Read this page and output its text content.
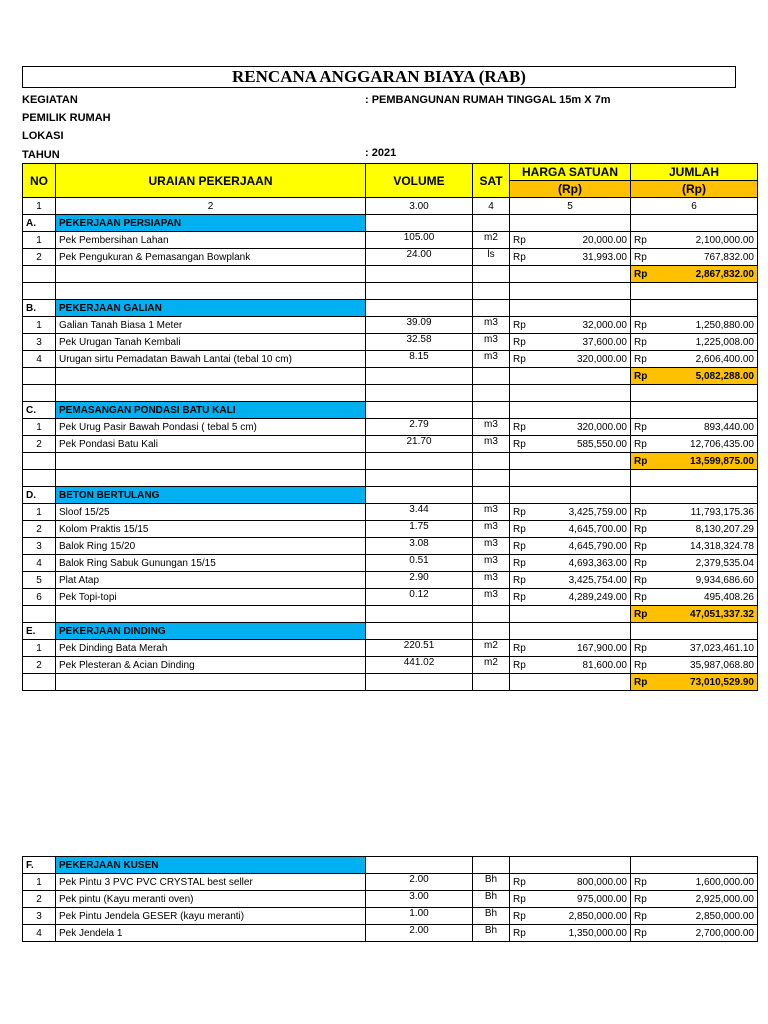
RENCANA ANGGARAN BIAYA (RAB)
KEGIATAN	: PEMBANGUNAN RUMAH TINGGAL 15m X 7m
PEMILIK RUMAH
LOKASI
TAHUN	: 2021
NO	URAIAN PEKERJAAN	VOLUME	SAT	HARGA SATUAN		JUMLAH	
				(Rp)		(Rp)	
1	2	3.00	4	5		6	
A.	PEKERJAAN PERSIAPAN						
1	Pek Pembersihan Lahan	105.00	m2	Rp	20,000.00	Rp	2,100,000.00
2	Pek Pengukuran & Pemasangan Bowplank	24.00	ls	Rp	31,993.00	Rp	767,832.00
						Rp	2,867,832.00

B.	PEKERJAAN GALIAN						
1	Galian Tanah Biasa 1 Meter	39.09	m3	Rp	32,000.00	Rp	1,250,880.00
3	Pek Urugan Tanah Kembali	32.58	m3	Rp	37,600.00	Rp	1,225,008.00
4	Urugan sirtu Pemadatan Bawah Lantai (tebal 10 cm)	8.15	m3	Rp	320,000.00	Rp	2,606,400.00
						Rp	5,082,288.00

C.	PEMASANGAN PONDASI BATU KALI						
1	Pek Urug Pasir Bawah Pondasi ( tebal 5 cm)	2.79	m3	Rp	320,000.00	Rp	893,440.00
2	Pek Pondasi Batu Kali	21.70	m3	Rp	585,550.00	Rp	12,706,435.00
						Rp	13,599,875.00

D.	BETON BERTULANG						
1	Sloof 15/25	3.44	m3	Rp	3,425,759.00	Rp	11,793,175.36
2	Kolom Praktis 15/15	1.75	m3	Rp	4,645,700.00	Rp	8,130,207.29
3	Balok Ring 15/20	3.08	m3	Rp	4,645,790.00	Rp	14,318,324.78
4	Balok Ring Sabuk Gunungan 15/15	0.51	m3	Rp	4,693,363.00	Rp	2,379,535.04
5	Plat Atap	2.90	m3	Rp	3,425,754.00	Rp	9,934,686.60
6	Pek Topi-topi	0.12	m3	Rp	4,289,249.00	Rp	495,408.26
						Rp	47,051,337.32
E.	PEKERJAAN DINDING						
1	Pek Dinding Bata Merah	220.51	m2	Rp	167,900.00	Rp	37,023,461.10
2	Pek Plesteran & Acian Dinding	441.02	m2	Rp	81,600.00	Rp	35,987,068.80
						Rp	73,010,529.90
F.	PEKERJAAN KUSEN						
1	Pek Pintu 3 PVC PVC CRYSTAL best seller	2.00	Bh	Rp	800,000.00	Rp	1,600,000.00
2	Pek pintu (Kayu meranti oven)	3.00	Bh	Rp	975,000.00	Rp	2,925,000.00
3	Pek Pintu Jendela GESER (kayu meranti)	1.00	Bh	Rp	2,850,000.00	Rp	2,850,000.00
4	Pek Jendela 1	2.00	Bh	Rp	1,350,000.00	Rp	2,700,000.00
